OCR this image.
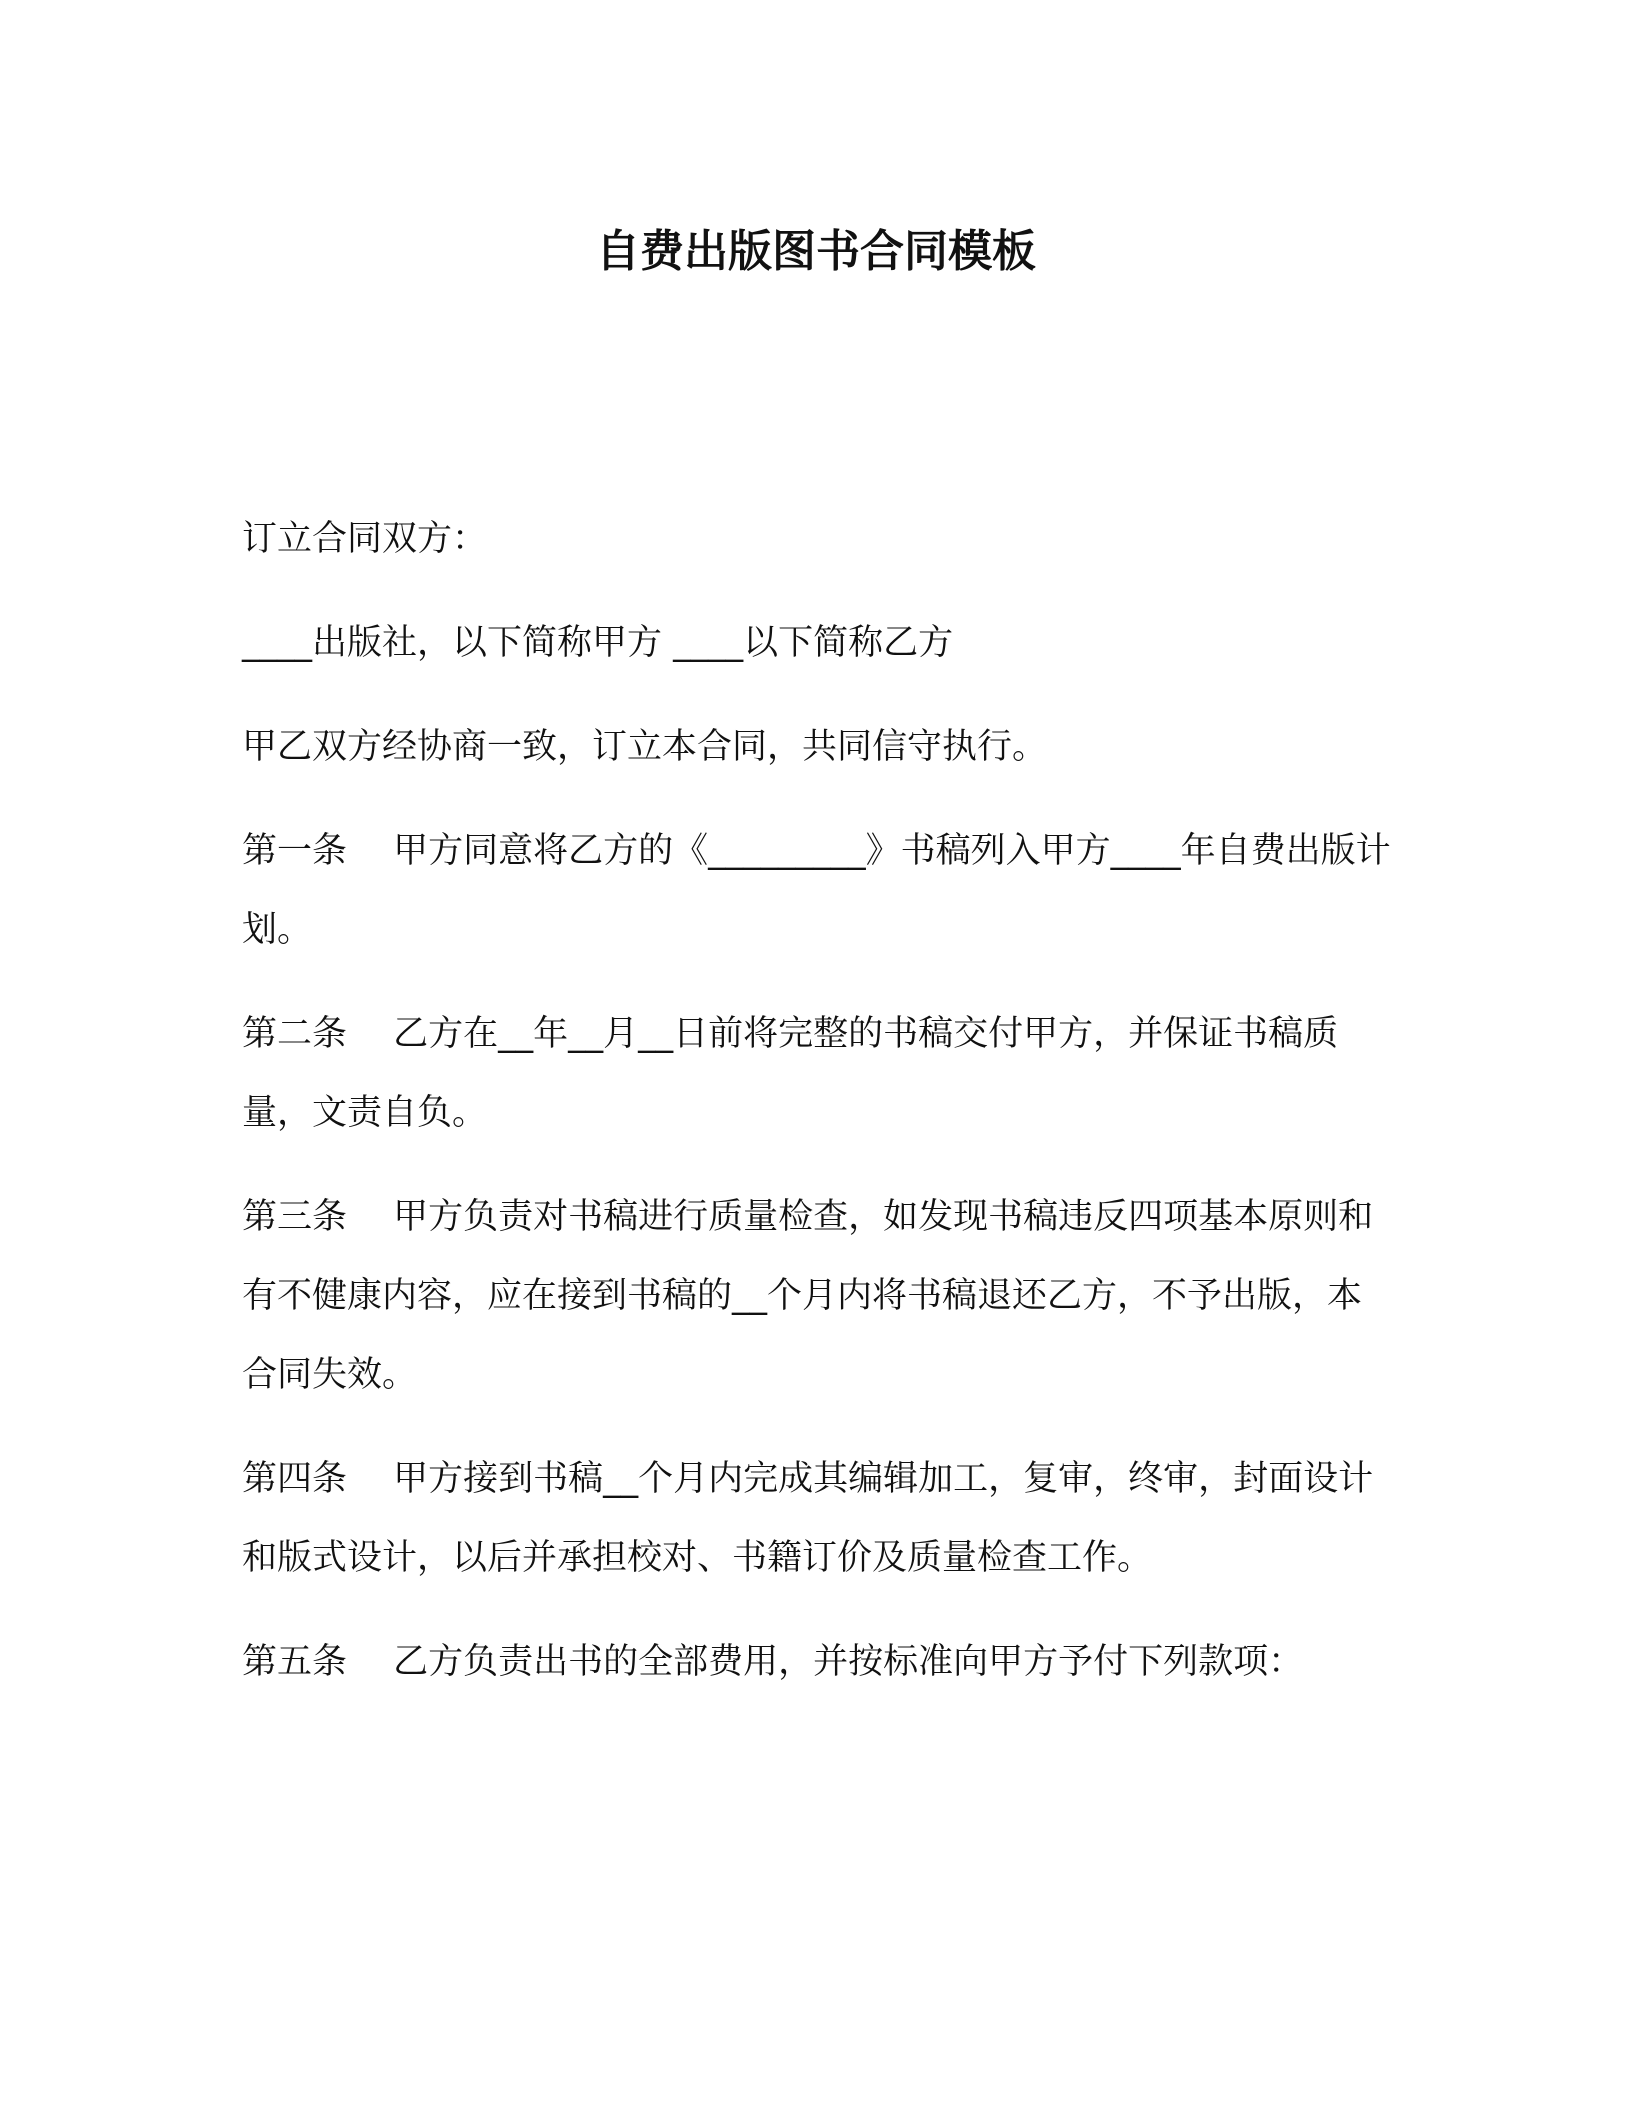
自费出版图书合同模板

订立合同双方：

____出版社，以下简称甲方 ____以下简称乙方

甲乙双方经协商一致，订立本合同，共同信守执行。

第一条　 甲方同意将乙方的《_________》书稿列入甲方____年自费出版计划。

第二条　 乙方在__年__月__日前将完整的书稿交付甲方，并保证书稿质量，文责自负。

第三条　 甲方负责对书稿进行质量检查，如发现书稿违反四项基本原则和有不健康内容，应在接到书稿的__个月内将书稿退还乙方，不予出版，本合同失效。

第四条　 甲方接到书稿__个月内完成其编辑加工，复审，终审，封面设计和版式设计，以后并承担校对、书籍订价及质量检查工作。

第五条　 乙方负责出书的全部费用，并按标准向甲方予付下列款项：
